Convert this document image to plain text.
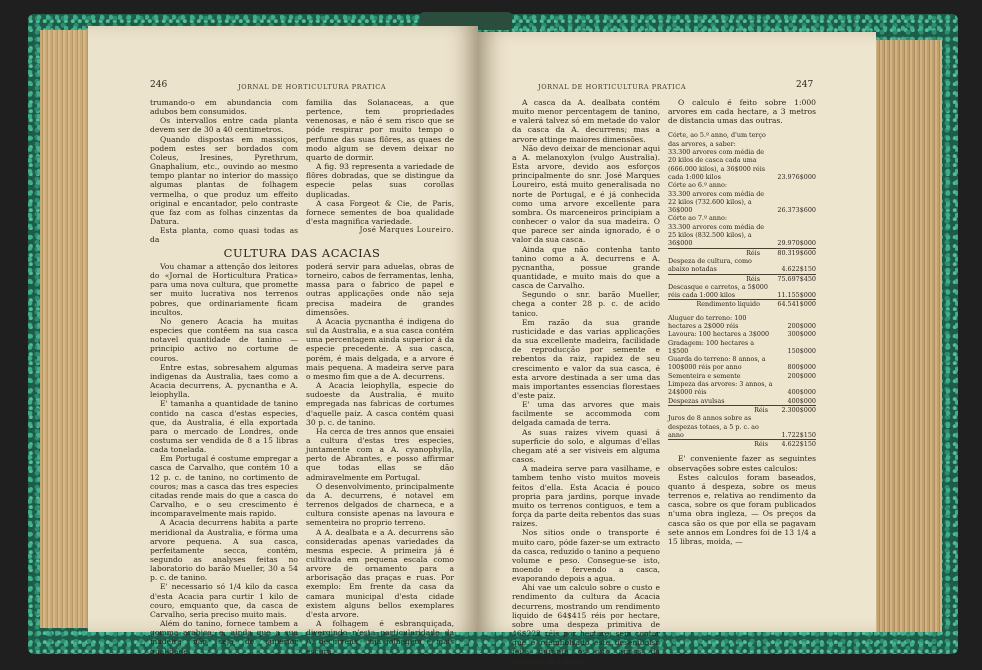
246	JORNAL DE HORTICULTURA PRATICA

trumando-o em abundancia com adubos bem consumidos.

Os intervallos entre cada planta devem ser de 30 a 40 centimetros.

Quando dispostas em massiços, podem estes ser bordados com Coleus, Iresines, Pyrethrum, Gnaphalium, etc., ouvindo ao mesmo tempo plantar no interior do massiço algumas plantas de folhagem vermelha, o que produz um effeito original e encantador, pelo contraste que faz com as folhas cinzentas da Datura.

Esta planta, como quasi todas as da

familia das Solanaceas, a que pertence, tem propriedades venenosas, e não é sem risco que se póde respirar por muito tempo o perfume das suas flôres, as quaes de modo algum se devem deixar no quarto de dormir.

A fig. 93 representa a variedade de flôres dobradas, que se distingue da especie pelas suas corollas duplicadas.

A casa Forgeot & Cie, de Paris, fornece sementes de boa qualidade d'esta magnifica variedade.

José Marques Loureiro.
CULTURA DAS ACACIAS

Vou chamar a attenção dos leitores do «Jornal de Horticultura Pratica» para uma nova cultura, que promette ser muito lucrativa nos terrenos pobres, que ordinariamente ficam incultos.

No genero Acacia ha muitas especies que contêem na sua casca notavel quantidade de tanino — principio activo no cortume de couros.

Entre estas, sobresahem algumas indigenas da Australia, taes como a Acacia decurrens, A. pycnantha e A. leiophylla.

E' tamanha a quantidade de tanino contido na casca d'estas especies, que, da Australia, é ella exportada para o mercado de Londres, onde costuma ser vendida de 8 a 15 libras cada tonelada.

Em Portugal é costume empregar a casca de Carvalho, que contém 10 a 12 p. c. de tanino, no cortimento de couros; mas a casca das tres especies citadas rende mais do que a casca do Carvalho, e o seu crescimento é incomparavelmente mais rapido.

A Acacia decurrens habita a parte meridional da Australia, e fórma uma arvore pequena. A sua casca, perfeitamente secca, contém, segundo as analyses feitas no laboratorio do barão Mueller, 30 a 54 p. c. de tanino.

E' necessario só 1/4 kilo da casca d'esta Acacia para curtir 1 kilo de couro, emquanto que, da casca de Carvalho, seria preciso muito mais.

Além do tanino, fornece tambem a gomma arabica; e, ainda que a sua madeira não seja de superior qualidade,

poderá servir para aduelas, obras de torneiro, cabos de ferramentas, lenha, massa para o fabrico de papel e outras applicações onde não seja precisa madeira de grandes dimensões.

A Acacia pycnantha é indigena do sul da Australia, e a sua casca contém uma percentagem ainda superior á da especie precedente. A sua casca, porém, é mais delgada, e a arvore é mais pequena. A madeira serve para o mesmo fim que a de A. decurrens.

A Acacia leiophylla, especie do sudoeste da Australia, é muito empregada nas fabricas de cortumes d'aquelle paiz. A casca contém quasi 30 p. c. de tanino.

Ha cerca de tres annos que ensaiei a cultura d'estas tres especies, juntamente com a A. cyanophylla, perto de Abrantes, e posso affirmar que todas ellas se dão admiravelmente em Portugal.

O desenvolvimento, principalmente da A. decurrens, é notavel em terrenos delgados de charneca, e a cultura consiste apenas na lavoura e sementeira no proprio terreno.

A A. dealbata e a A. decurrens são consideradas apenas variedades da mesma especie. A primeira já é cultivada em pequena escala como arvore de ornamento para a arborisação das praças e ruas. Por exemplo: Em frente da casa da camara municipal d'esta cidade existem alguns bellos exemplares d'esta arvore.

A folhagem é esbranquiçada, divergindo n'esta particularidade da A. decurrens, cuja folhagem é mais escura.

JORNAL DE HORTICULTURA PRATICA	247

A casca da A. dealbata contém muito menor percentagem de tanino, e valerá talvez só em metade do valor da casca da A. decurrens; mas a arvore attinge maiores dimensões.

Não devo deixar de mencionar aqui a A. melanoxylon (vulgo Australia). Esta arvore, devido aos esforços principalmente do snr. José Marques Loureiro, está muito generalisada no norte de Portugal, e é já conhecida como uma arvore excellente para sombra. Os marceneiros principiam a conhecer o valor da sua madeira. O que parece ser ainda ignorado, é o valor da sua casca.

Ainda que não contenha tanto tanino como a A. decurrens e A. pycnantha, possue grande quantidade, e muito mais do que a casca de Carvalho.

Segundo o snr. barão Mueller, chega a conter 28 p. c. de acido tanico.

Em razão da sua grande rusticidade e das varias applicações da sua excellente madeira, facilidade de reproducção por semente e rebentos da raiz, rapidez de seu crescimento e valor da sua casca, é esta arvore destinada a ser uma das mais importantes essencias florestaes d'este paiz.

E' uma das arvores que mais facilmente se accommoda com delgada camada de terra.

As suas raizes vivem quasi á superficie do solo, e algumas d'ellas chegam até a ser visiveis em alguma casos.

A madeira serve para vasilhame, e tambem tenho visto muitos moveis feitos d'ella. Esta Acacia é pouco propria para jardins, porque invade muito os terrenos contiguos, e tem a força da parte deita rebentos das suas raizes.

Nos sitios onde o transporte é muito caro, póde fazer-se um extracto da casca, reduzido o tanino a pequeno volume e peso. Consegue-se isto, moendo e fervendo a casca, evaporando depois a agua.

Ahi vae um calculo sobre o custo e rendimento da cultura da Acacia decurrens, mostrando um rendimento liquido de 64$415 réis por hectare, sobre uma despeza primitiva de 46$222 réis por hectare; sem contar que é reembolsado este desembolso feita durante os oito annos da duração da cultura.

O calculo é feito sobre 1:000 arvores em cada hectare, a 3 metros de distancia umas das outras.

Córte, ao 5.º anno, d'um terço das arvores, a saber:	
33.300 arvores com média de 20 kilos de casca cada uma (666.000 kilos), a 36$000 réis cada 1:000 kilos	23.976$000
Córte ao 6.º anno:	
33.300 arvores com média de 22 kilos (732.600 kilos), a 36$000	26.373$600
Córte ao 7.º anno:	
33.300 arvores com média de 25 kilos (832.500 kilos), a 36$000	29.970$000
Réis	80.319$600
Despeza de cultura, como abaixo notadas	4.622$150
Réis	75.697$450
Descasque e carretos, a 5$000 réis cada 1:000 kilos	11.155$000
Rendimento liquido	64.541$000
Aluguer do terreno: 100 hectares a 2$000 réis	200$000
Lavoura: 100 hectares a 3$000	300$000
Gradagem: 100 hectares a 1$500	150$000
Guarda do terreno: 8 annos, a 100$000 réis por anno	800$000
Sementeira e semente	200$000
Limpeza das arvores: 3 annos, a 24$000 réis	400$000
Despezas avulsas	400$000
Réis	2.300$000
Juros de 8 annos sobre as despezas totaes, a 5 p. c. ao anno	1.722$150
Réis	4.622$150

E' conveniente fazer as seguintes observações sobre estes calculos:

Estes calculos foram baseados, quanto á despeza, sobre os meus terrenos e, relativa ao rendimento da casca, sobre os que foram publicados n'uma obra ingleza, — Os preços da casca são os que por ella se pagavam sete annos em Londres foi de 13 1/4 a 15 libras, moida, —
